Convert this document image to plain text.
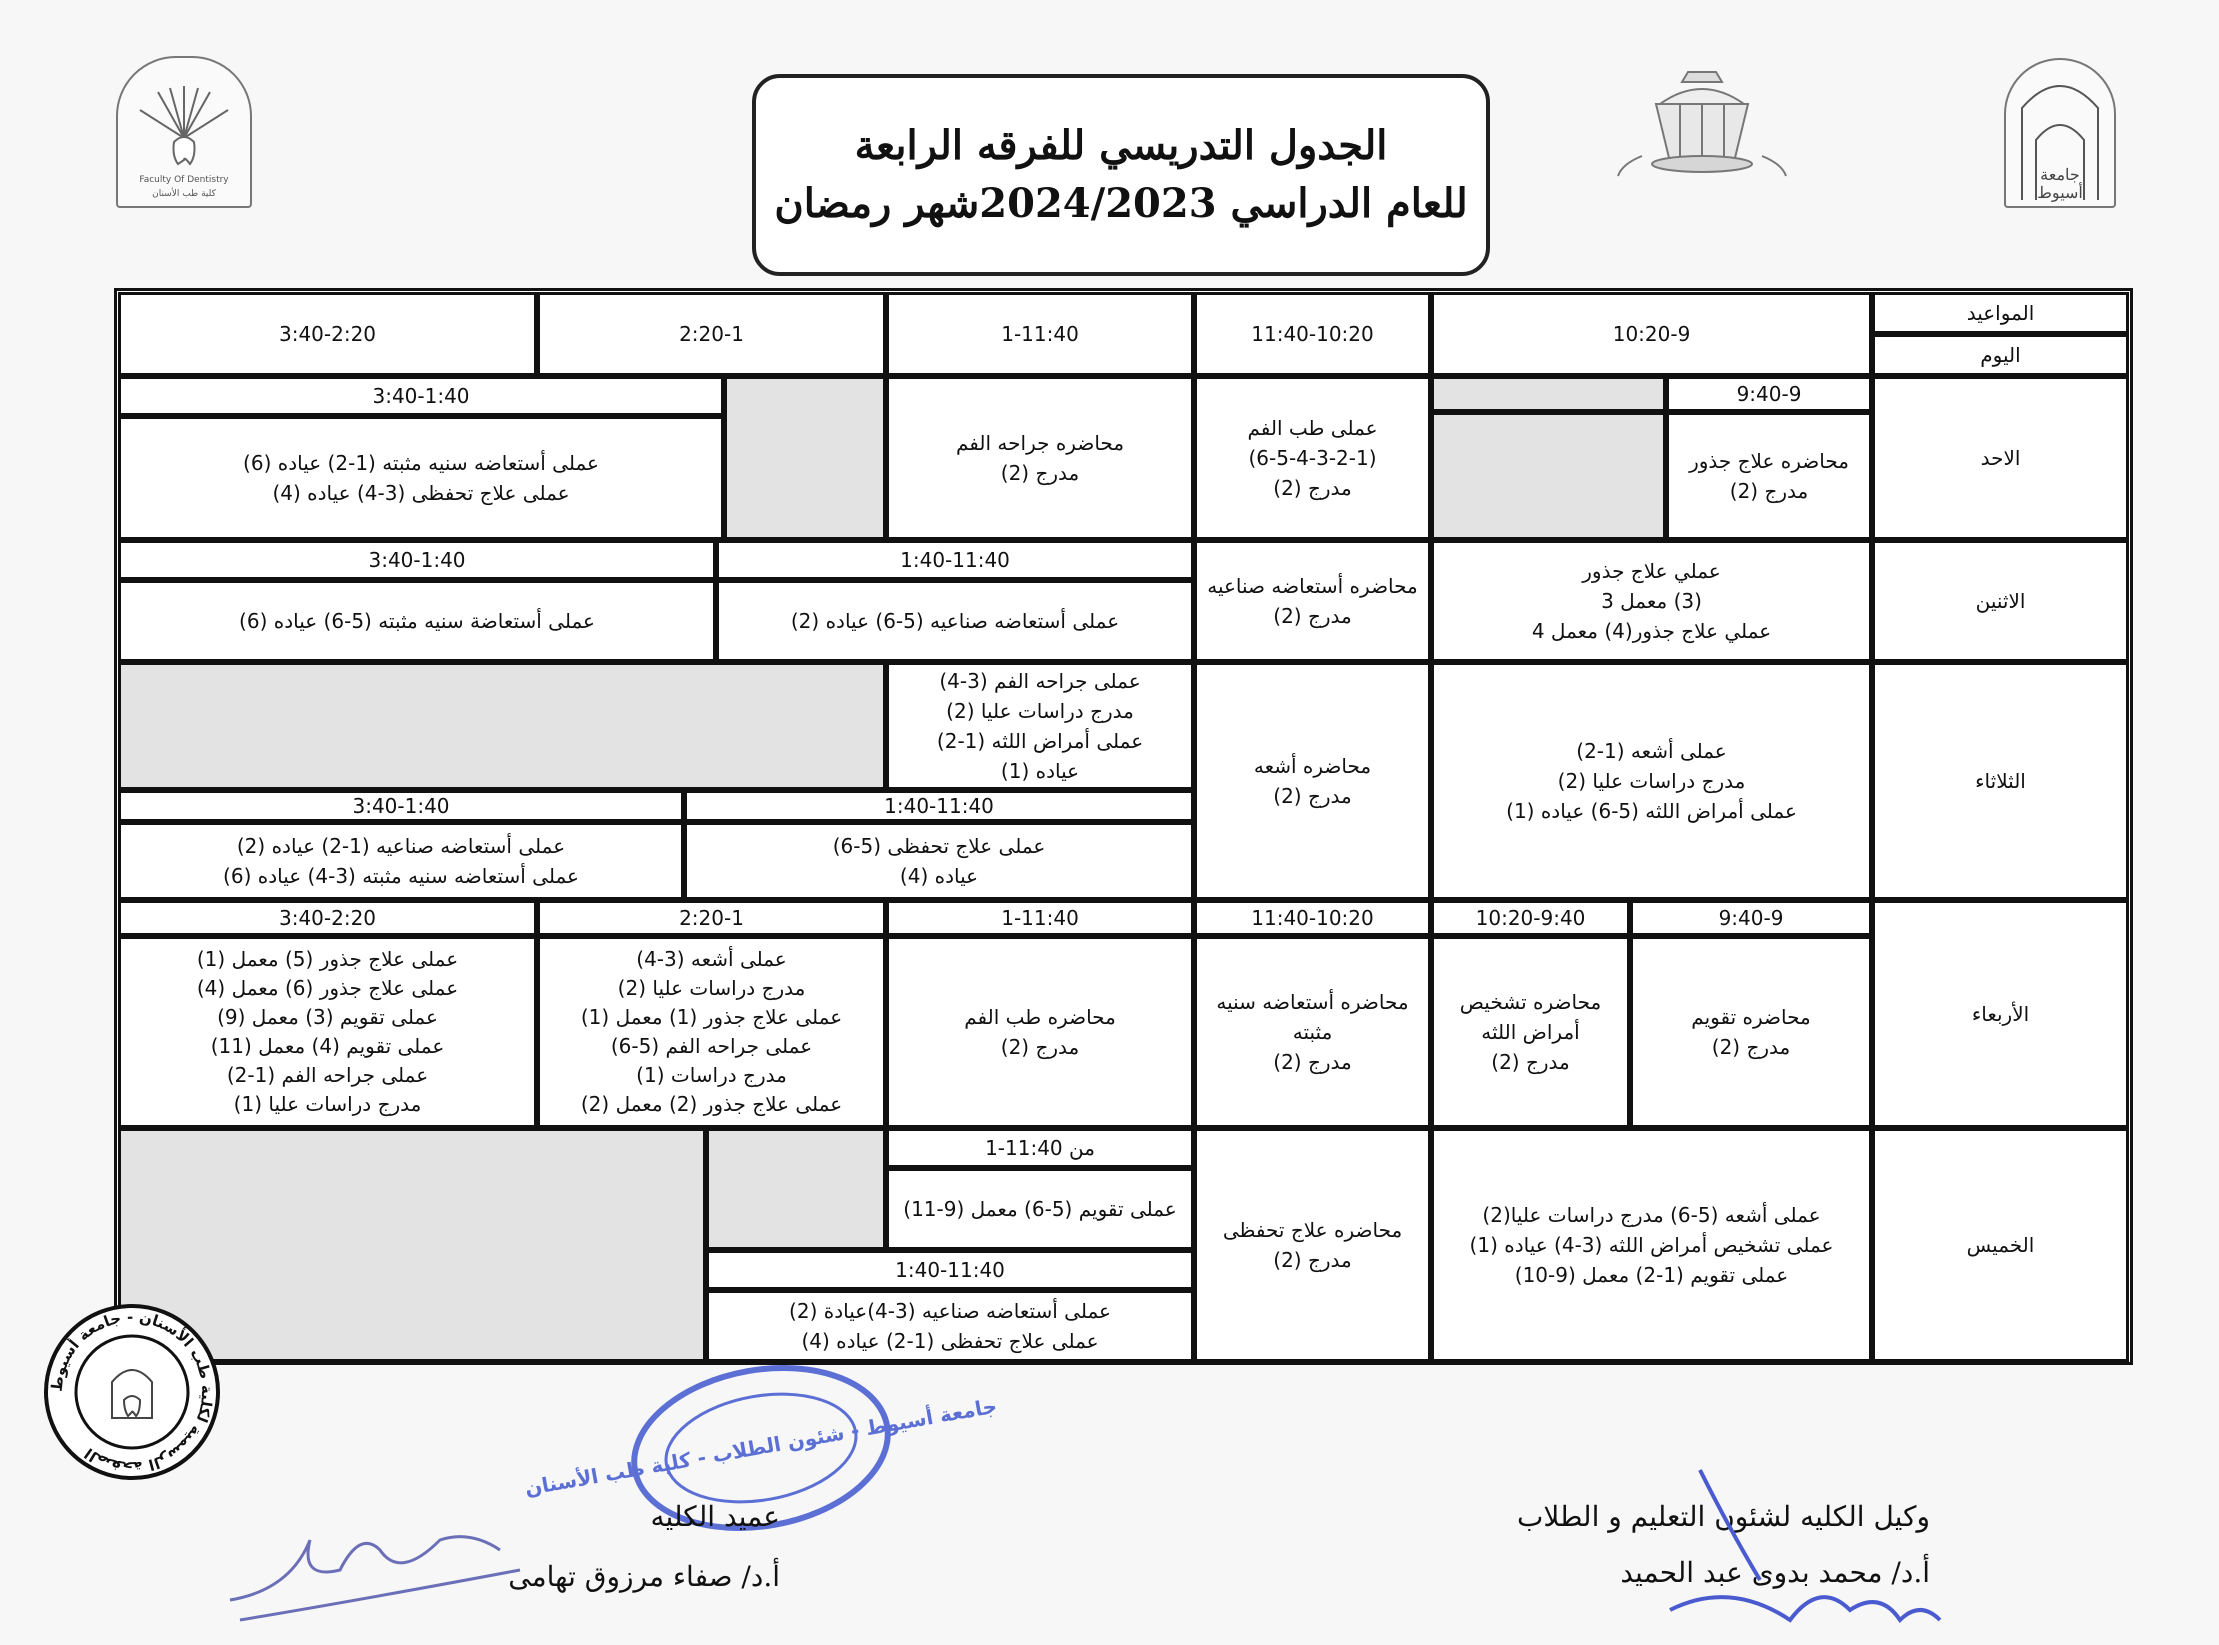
Faculty Of Dentistry
كلية طب الأسنان
جامعة
أسيوط
الجدول التدريسي للفرقه الرابعة
للعام الدراسي 2024/2023شهر رمضان
المواعيد
اليوم
10:20-9
11:40-10:20
1-11:40
2:20-1
3:40-2:20
الاحد
9:40-9
محاضره علاج جذور
مدرج (2)
عملى طب الفم
(6-5-4-3-2-1)
مدرج (2)
محاضره جراحه الفم
مدرج (2)
3:40-1:40
عملى أستعاضه سنيه مثبته (1-2) عياده (6)
عملى علاج تحفظى (3-4) عياده (4)
الاثنين
عملي علاج جذور
(3) معمل 3
عملي علاج جذور(4) معمل 4
محاضره أستعاضه صناعيه
مدرج (2)
1:40-11:40
عملى أستعاضه صناعيه (5-6) عياده (2)
3:40-1:40
عملى أستعاضة سنيه مثبته (5-6) عياده (6)
الثلاثاء
عملى أشعه (1-2)
مدرج دراسات عليا (2)
عملى أمراض اللثه (5-6) عياده (1)
محاضره أشعه
مدرج (2)
عملى جراحه الفم (3-4)
مدرج دراسات عليا (2)
عملى أمراض اللثه (1-2)
عياده (1)
1:40-11:40
عملى علاج تحفظى (5-6)
عياده (4)
3:40-1:40
عملى أستعاضه صناعيه (1-2) عياده (2)
عملى أستعاضه سنيه مثبته (3-4) عياده (6)
الأربعاء
9:40-9
محاضره تقويم
مدرج (2)
10:20-9:40
محاضره تشخيص
أمراض اللثه
مدرج (2)
11:40-10:20
محاضره أستعاضه سنيه
مثبته
مدرج (2)
1-11:40
محاضره طب الفم
مدرج (2)
2:20-1
عملى أشعه (3-4)
مدرج دراسات عليا (2)
عملى علاج جذور (1) معمل (1)
عملى جراحه الفم (5-6)
مدرج دراسات (1)
عملى علاج جذور (2) معمل (2)
3:40-2:20
عملى علاج جذور (5) معمل (1)
عملى علاج جذور (6) معمل (4)
عملى تقويم (3) معمل (9)
عملى تقويم (4) معمل (11)
عملى جراحه الفم (1-2)
مدرج دراسات عليا (1)
الخميس
عملى أشعه (5-6) مدرج دراسات عليا(2)
عملى تشخيص أمراض اللثه (3-4) عياده (1)
عملى تقويم (1-2) معمل (9-10)
محاضره علاج تحفظى
مدرج (2)
من 11:40-1
عملى تقويم (5-6) معمل (9-11)
1:40-11:40
عملى أستعاضه صناعيه (3-4)عيادة (2)
عملى علاج تحفظى (1-2) عياده (4)
الصفحة الرسمية لكلية طب الأسنان - جامعة أسيوط	جامعة أسيوط - شئون الطلاب - كلية طب الأسنان
وكيل الكليه لشئون التعليم و الطلاب
أ.د/ محمد بدوى عبد الحميد
عميد الكليه
أ.د/ صفاء مرزوق تهامى
